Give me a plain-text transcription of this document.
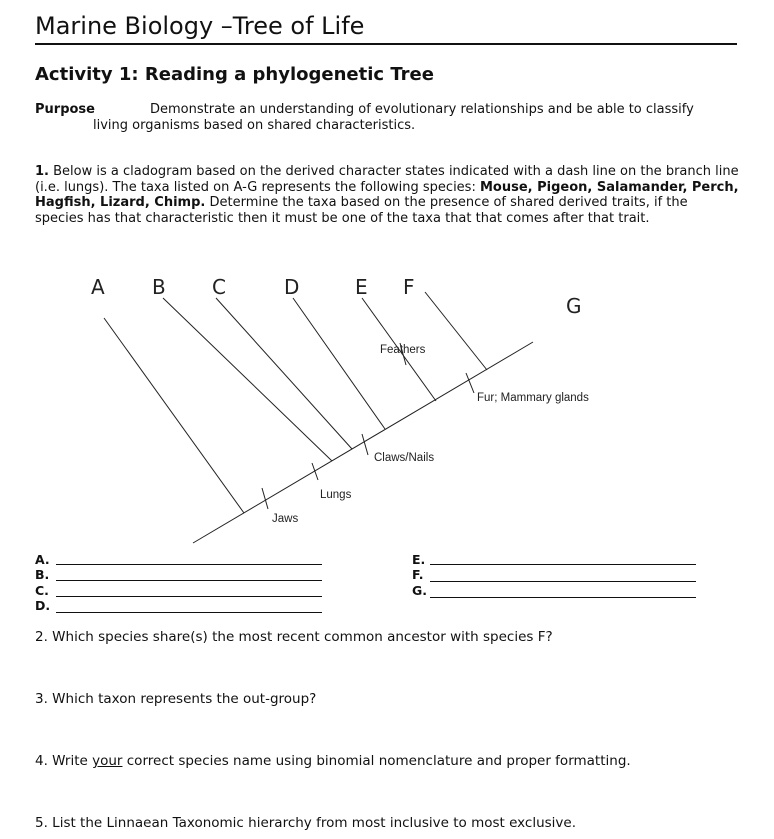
Marine Biology –Tree of Life
Activity 1: Reading a phylogenetic Tree
Purpose	Demonstrate an understanding of evolutionary relationships and be able to classify
living organisms based on shared characteristics.
1. Below is a cladogram based on the derived character states indicated with a dash line on the branch line (i.e. lungs). The taxa listed on A-G represents the following species: Mouse, Pigeon, Salamander, Perch, Hagfish, Lizard, Chimp. Determine the taxa based on the presence of shared derived traits, if the species has that characteristic then it must be one of the taxa that that comes after that trait.
A B C	D	E F
G
Jaws
Lungs
Claws/Nails
Feathers
Fur; Mammary glands
A.
B.
C.
D.
E.
F.
G.
2. Which species share(s) the most recent common ancestor with species F?
3. Which taxon represents the out-group?
4. Write your correct species name using binomial nomenclature and proper formatting.
5. List the Linnaean Taxonomic hierarchy from most inclusive to most exclusive.
